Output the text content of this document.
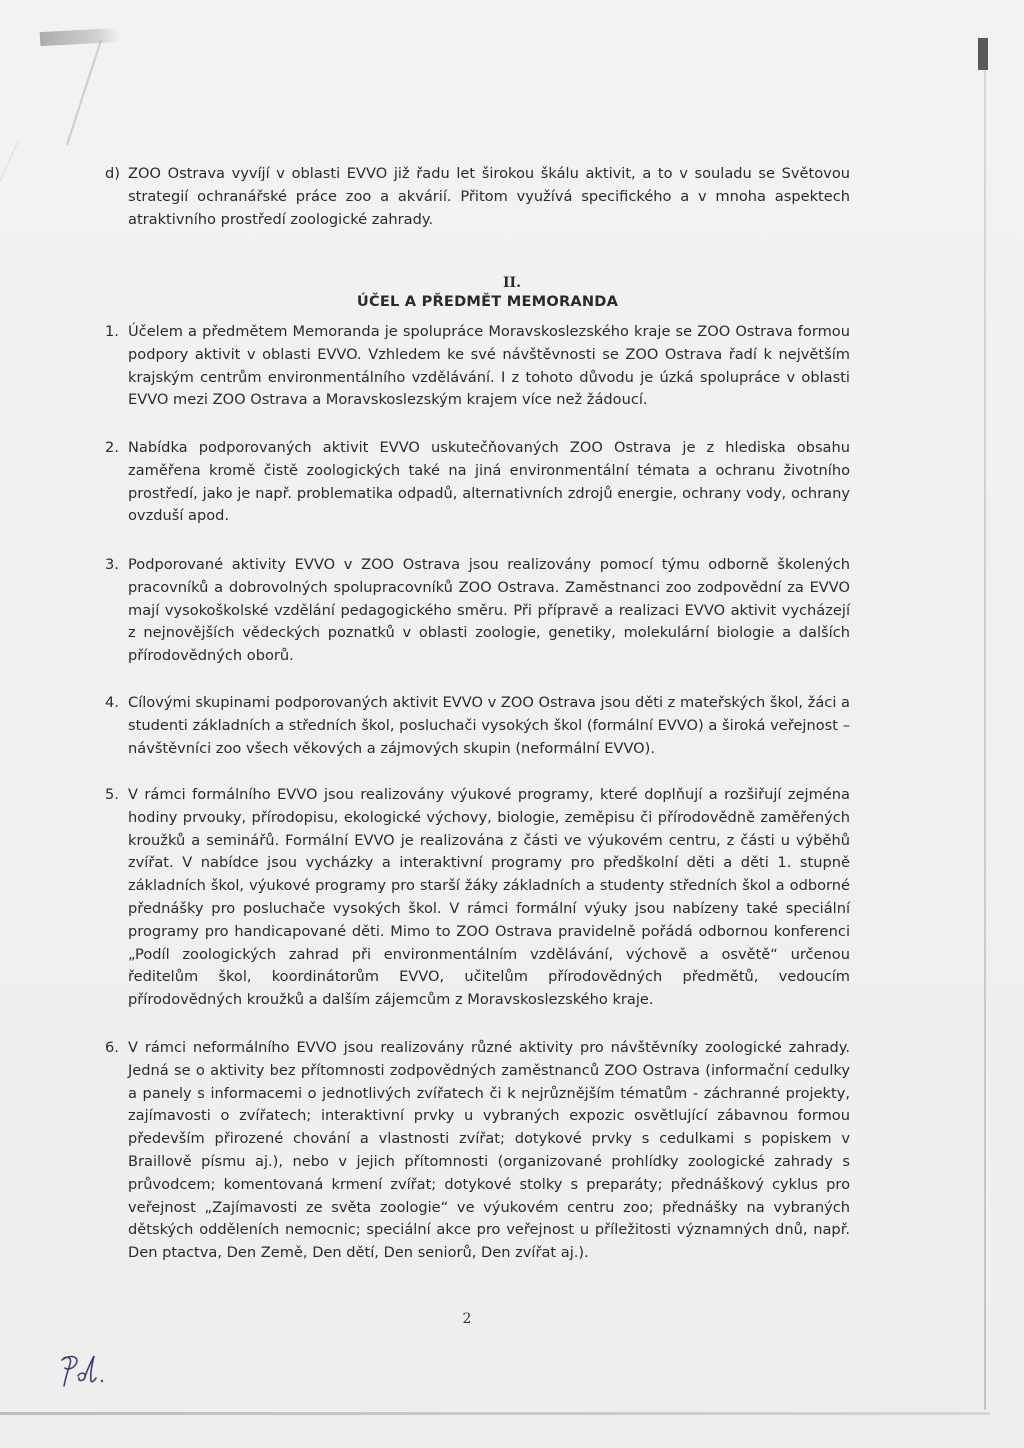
d) ZOO Ostrava vyvíjí v oblasti EVVO již řadu let širokou škálu aktivit, a to v souladu se Světovou strategií ochranářské práce zoo a akvárií. Přitom využívá specifického a v mnoha aspektech atraktivního prostředí zoologické zahrady.
II.
ÚČEL A PŘEDMĚT MEMORANDA
1. Účelem a předmětem Memoranda je spolupráce Moravskoslezského kraje se ZOO Ostrava formou podpory aktivit v oblasti EVVO. Vzhledem ke své návštěvnosti se ZOO Ostrava řadí k největším krajským centrům environmentálního vzdělávání. I z tohoto důvodu je úzká spolupráce v oblasti EVVO mezi ZOO Ostrava a Moravskoslezským krajem více než žádoucí.
2. Nabídka podporovaných aktivit EVVO uskutečňovaných ZOO Ostrava je z hlediska obsahu zaměřena kromě čistě zoologických také na jiná environmentální témata a ochranu životního prostředí, jako je např. problematika odpadů, alternativních zdrojů energie, ochrany vody, ochrany ovzduší apod.
3. Podporované aktivity EVVO v ZOO Ostrava jsou realizovány pomocí týmu odborně školených pracovníků a dobrovolných spolupracovníků ZOO Ostrava. Zaměstnanci zoo zodpovědní za EVVO mají vysokoškolské vzdělání pedagogického směru. Při přípravě a realizaci EVVO aktivit vycházejí z nejnovějších vědeckých poznatků v oblasti zoologie, genetiky, molekulární biologie a dalších přírodovědných oborů.
4. Cílovými skupinami podporovaných aktivit EVVO v ZOO Ostrava jsou děti z mateřských škol, žáci a studenti základních a středních škol, posluchači vysokých škol (formální EVVO) a široká veřejnost – návštěvníci zoo všech věkových a zájmových skupin (neformální EVVO).
5. V rámci formálního EVVO jsou realizovány výukové programy, které doplňují a rozšiřují zejména hodiny prvouky, přírodopisu, ekologické výchovy, biologie, zeměpisu či přírodovědně zaměřených kroužků a seminářů. Formální EVVO je realizována z části ve výukovém centru, z části u výběhů zvířat. V nabídce jsou vycházky a interaktivní programy pro předškolní děti a děti 1. stupně základních škol, výukové programy pro starší žáky základních a studenty středních škol a odborné přednášky pro posluchače vysokých škol. V rámci formální výuky jsou nabízeny také speciální programy pro handicapované děti. Mimo to ZOO Ostrava pravidelně pořádá odbornou konferenci „Podíl zoologických zahrad při environmentálním vzdělávání, výchově a osvětě“ určenou ředitelům škol, koordinátorům EVVO, učitelům přírodovědných předmětů, vedoucím přírodovědných kroužků a dalším zájemcům z Moravskoslezského kraje.
6. V rámci neformálního EVVO jsou realizovány různé aktivity pro návštěvníky zoologické zahrady. Jedná se o aktivity bez přítomnosti zodpovědných zaměstnanců ZOO Ostrava (informační cedulky a panely s informacemi o jednotlivých zvířatech či k nejrůznějším tématům - záchranné projekty, zajímavosti o zvířatech; interaktivní prvky u vybraných expozic osvětlující zábavnou formou především přirozené chování a vlastnosti zvířat; dotykové prvky s cedulkami s popiskem v Braillově písmu aj.), nebo v jejich přítomnosti (organizované prohlídky zoologické zahrady s průvodcem; komentovaná krmení zvířat; dotykové stolky s preparáty; přednáškový cyklus pro veřejnost „Zajímavosti ze světa zoologie“ ve výukovém centru zoo; přednášky na vybraných dětských odděleních nemocnic; speciální akce pro veřejnost u příležitosti významných dnů, např. Den ptactva, Den Země, Den dětí, Den seniorů, Den zvířat aj.).
2
